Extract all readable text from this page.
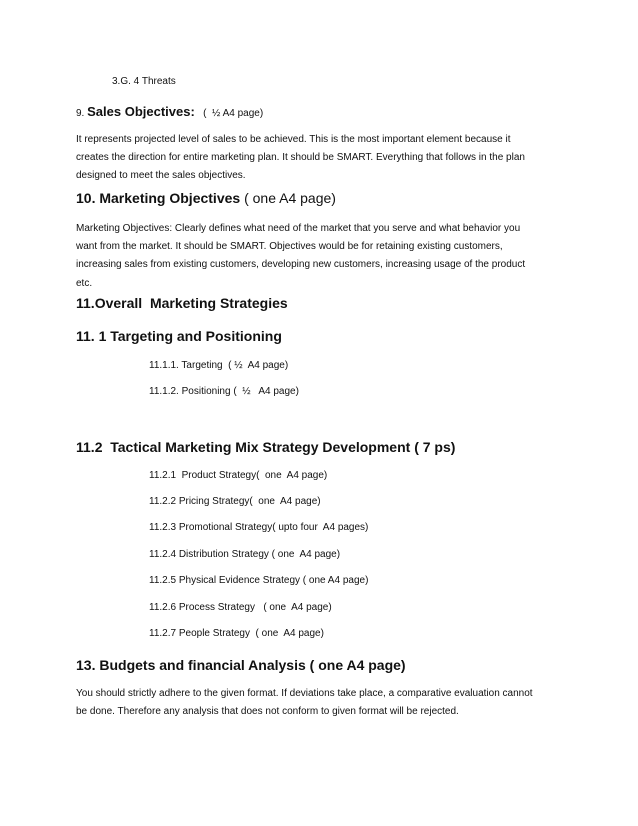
3.G. 4 Threats
9. Sales Objectives:   (  ½ A4 page)
It represents projected level of sales to be achieved. This is the most important element because it
creates the direction for entire marketing plan. It should be SMART. Everything that follows in the plan
designed to meet the sales objectives.
10. Marketing Objectives ( one A4 page)
Marketing Objectives: Clearly defines what need of the market that you serve and what behavior you
want from the market. It should be SMART. Objectives would be for retaining existing customers,
increasing sales from existing customers, developing new customers, increasing usage of the product
etc.
11.Overall  Marketing Strategies
11. 1 Targeting and Positioning
11.1.1. Targeting  ( ½  A4 page)
11.1.2. Positioning (  ½   A4 page)
11.2  Tactical Marketing Mix Strategy Development ( 7 ps)
11.2.1  Product Strategy(  one  A4 page)
11.2.2 Pricing Strategy(  one  A4 page)
11.2.3 Promotional Strategy( upto four  A4 pages)
11.2.4 Distribution Strategy ( one  A4 page)
11.2.5 Physical Evidence Strategy ( one A4 page)
11.2.6 Process Strategy   ( one  A4 page)
11.2.7 People Strategy  ( one  A4 page)
13. Budgets and financial Analysis ( one A4 page)
You should strictly adhere to the given format. If deviations take place, a comparative evaluation cannot
be done. Therefore any analysis that does not conform to given format will be rejected.
